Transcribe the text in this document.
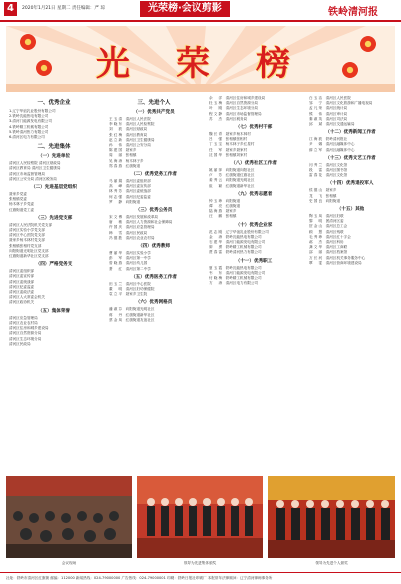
4	2020年1月21日 星期二 责任编辑：严 琼	光荣榜·会议剪影	铁岭清河报
光 荣 榜
一、优秀企业
1.辽宁华谊乳业股份有限公司
2.铁岭沈能热电有限公司
3.清河门能源发电有限公司
4.铁岭精工机械有限公司
5.铁岭清河热力有限公司
6.清河区电力有限公司
二、先进集体
（一）先进单位
清河区人民检察院 清河区财政局
清河区教育局 清河区卫生健康局
清河区市场监督管理局
清河区公安分局 清河区税务局
（二）先进基层党组织
聂家乡党委
张相镇党委
杨木林子乡党委
红旗街道党工委
（三）先进党支部
清河区人民法院机关党支部
清河区实验小学党支部
清河区中心医院党支部
聂家乡杨木林村党支部
张相镇张相村党支部
向阳街道光明社区党支部
红旗街道新华社区党支部
（四）严格党务支
清河区委组织部
清河区委宣传部
清河区委统战部
清河区纪委监委
清河区委政法委
清河区人大常委会机关
清河区政协机关
（五）集体荣誉
清河区应急管理局
清河区农业农村局
清河区住房和城乡建设局
清河区自然资源分局
清河区生态环境分局
清河区民政局
三、先进个人
（一）优秀共产党员
王 玉 清　清河区人民法院
李 晓 东　清河区人民检察院
刘 　 波　清河区财政局
张 红 梅　清河区教育局
赵 立 新　清河区卫生健康局
孙 　 伟　清河区公安分局
陈 建 国　聂家乡
周 　 丽　张相镇
吴 海 涛　杨木林子乡
郑 春 燕　红旗街道
（二）优秀党务工作者
马 丽 娟　清河区委组织部
高 　 峰　清河区委宣传部
林 秀 芳　清河区委统战部
何 志 强　清河区纪委监委
罗 　 静　向阳街道
（三）优秀公务员
宋 文 博　清河区发展和改革局
唐 　 敏　清河区人力资源和社会保障局
许 国 庆　清河区应急管理局
韩 　 雪　清河区民政局
冯 德 胜　清河区农业农村局
（四）优秀教师
曹 丽 华　清河区实验小学
彭 　 军　清河区第一中学
曾 晓 燕　清河区幼儿园
萧 　 红　清河区第二中学
（五）优秀医务工作者
田 玉 兰　清河区中心医院
董 　 明　清河区妇幼保健院
袁 立 平　聂家乡卫生院
（六）优秀网格员
潘 淑 芬　向阳街道光明社区
蒋 　 丹　红旗街道新华社区
蔡 金 凤　红旗街道友谊社区
余 　 洋　清河区住房和城乡建设局
杜 玉 梅　清河区自然资源分局
叶 　 刚　清河区生态环境分局
程 文 静　清河区市场监督管理局
苏 　 杰　清河区税务局
（七）优秀村干部
魏 长 青　聂家乡杨木林村
吕 　 强　张相镇张相村
丁 玉 宝　杨木林子乡红星村
任 　 军　聂家乡聂家村
沈 国 华　张相镇刘家村
（八）优秀社区工作者
姚 丽 萍　向阳街道向阳社区
卢 　 芳　红旗街道红旗社区
姜 秀 云　向阳街道光明社区
崔 　 颖　红旗街道新华社区
（九）优秀志愿者
钟 玉 珍　向阳街道
谭 　 亮　红旗街道
陆 海 燕　聂家乡
汪 　 鹏　张相镇
（十）优秀企业家
范 志 刚　辽宁华谊乳业股份有限公司
金 　 涛　铁岭沈能热电有限公司
石 建 华　清河门能源发电有限公司
廖 　 勇　铁岭精工机械有限公司
贾 春 雷　铁岭清河热力有限公司
（十一）优秀职工
夏 玉 霞　铁岭沈能热电有限公司
韦 　 东　清河门能源发电有限公司
付 晓 梅　铁岭精工机械有限公司
方 　 涛　清河区电力有限公司
白 玉 洁　清河区人民医院
邹 　 宁　清河区文化旅游和广播电视局
孟 凡 荣　清河区统计局
熊 　 伟　清河区审计局
秦 淑 英　清河区司法局
邱 　 斌　清河区交通运输局
（十二）优秀新闻工作者
江 海 波　铁岭清河报社
尹 　 娜　清河区融媒体中心
薛 立 军　清河区融媒体中心
（十三）优秀文艺工作者
闫 秀 兰　清河区文化馆
段 　 雷　清河区图书馆
雷 春 花　清河区文化馆
（十四）优秀退役军人
侯 德 山　聂家乡
龙 　 飞　张相镇
史 国 良　向阳街道
（十五）其他
陶 玉 凤　清河区妇联
黎 　 明　团清河区委
贺 金 山　清河区总工会
顾 　 慧　清河区残联
毛 秀 珍　清河区红十字会
郝 　 杰　清河区科协
龚 文 华　清河区工商联
邵 　 丽　清河区档案馆
万 长 河　清河区机关事务服务中心
覃 　 雯　清河区营商环境建设局
会议现场	领导为先进集体颁奖	领导为先进个人颁奖
社址：铁岭市清河区红旗街 邮编：112000 新闻热线：024-79000000 广告热线：024-79000001 印刷：铁岭日报社印刷厂 本报常年法律顾问：辽宁清河律师事务所
